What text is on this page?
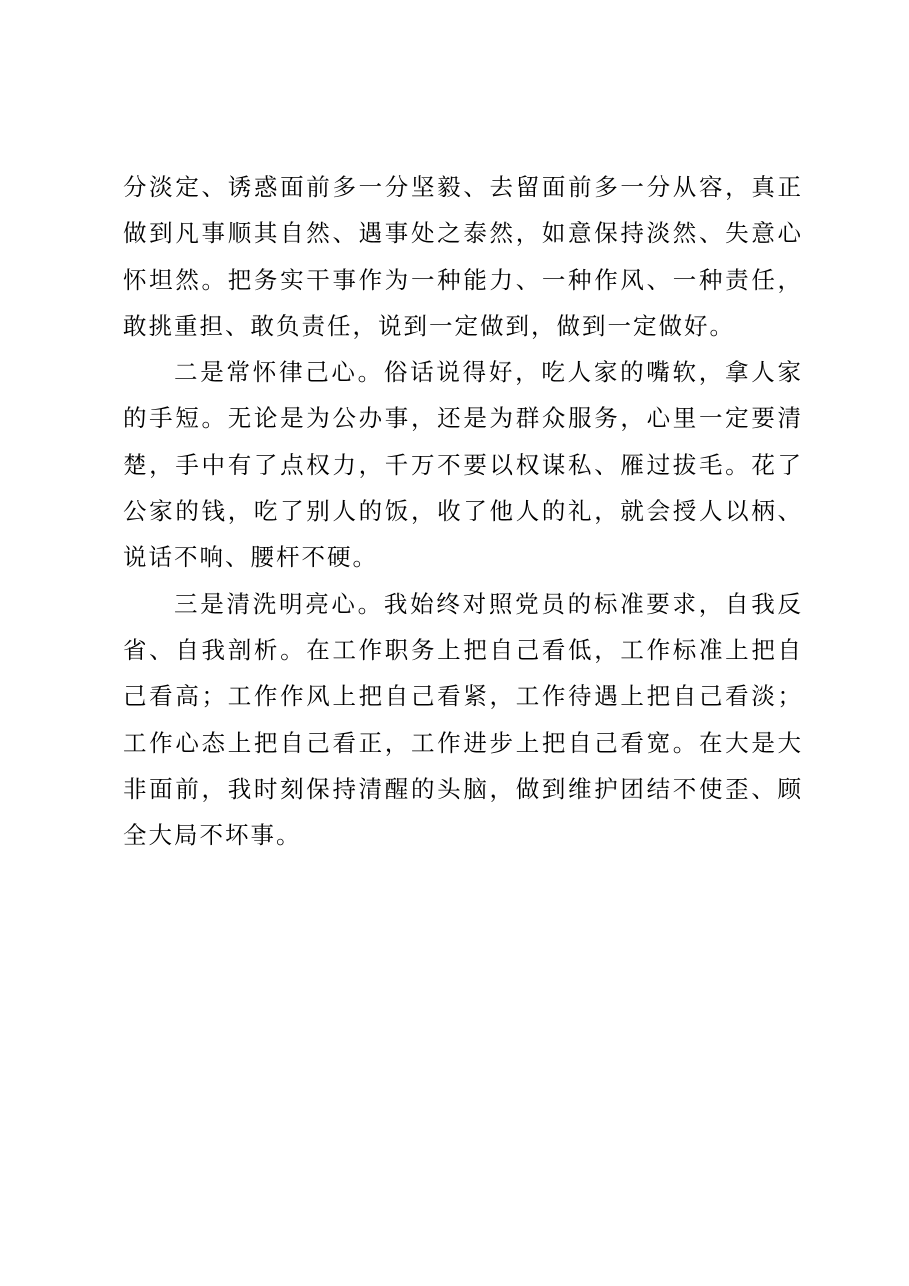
分淡定、诱惑面前多一分坚毅、去留面前多一分从容，真正做到凡事顺其自然、遇事处之泰然，如意保持淡然、失意心怀坦然。把务实干事作为一种能力、一种作风、一种责任，敢挑重担、敢负责任，说到一定做到，做到一定做好。

二是常怀律己心。俗话说得好，吃人家的嘴软，拿人家的手短。无论是为公办事，还是为群众服务，心里一定要清楚，手中有了点权力，千万不要以权谋私、雁过拔毛。花了公家的钱，吃了别人的饭，收了他人的礼，就会授人以柄、说话不响、腰杆不硬。

三是清洗明亮心。我始终对照党员的标准要求，自我反省、自我剖析。在工作职务上把自己看低，工作标准上把自己看高；工作作风上把自己看紧，工作待遇上把自己看淡；工作心态上把自己看正，工作进步上把自己看宽。在大是大非面前，我时刻保持清醒的头脑，做到维护团结不使歪、顾全大局不坏事。
